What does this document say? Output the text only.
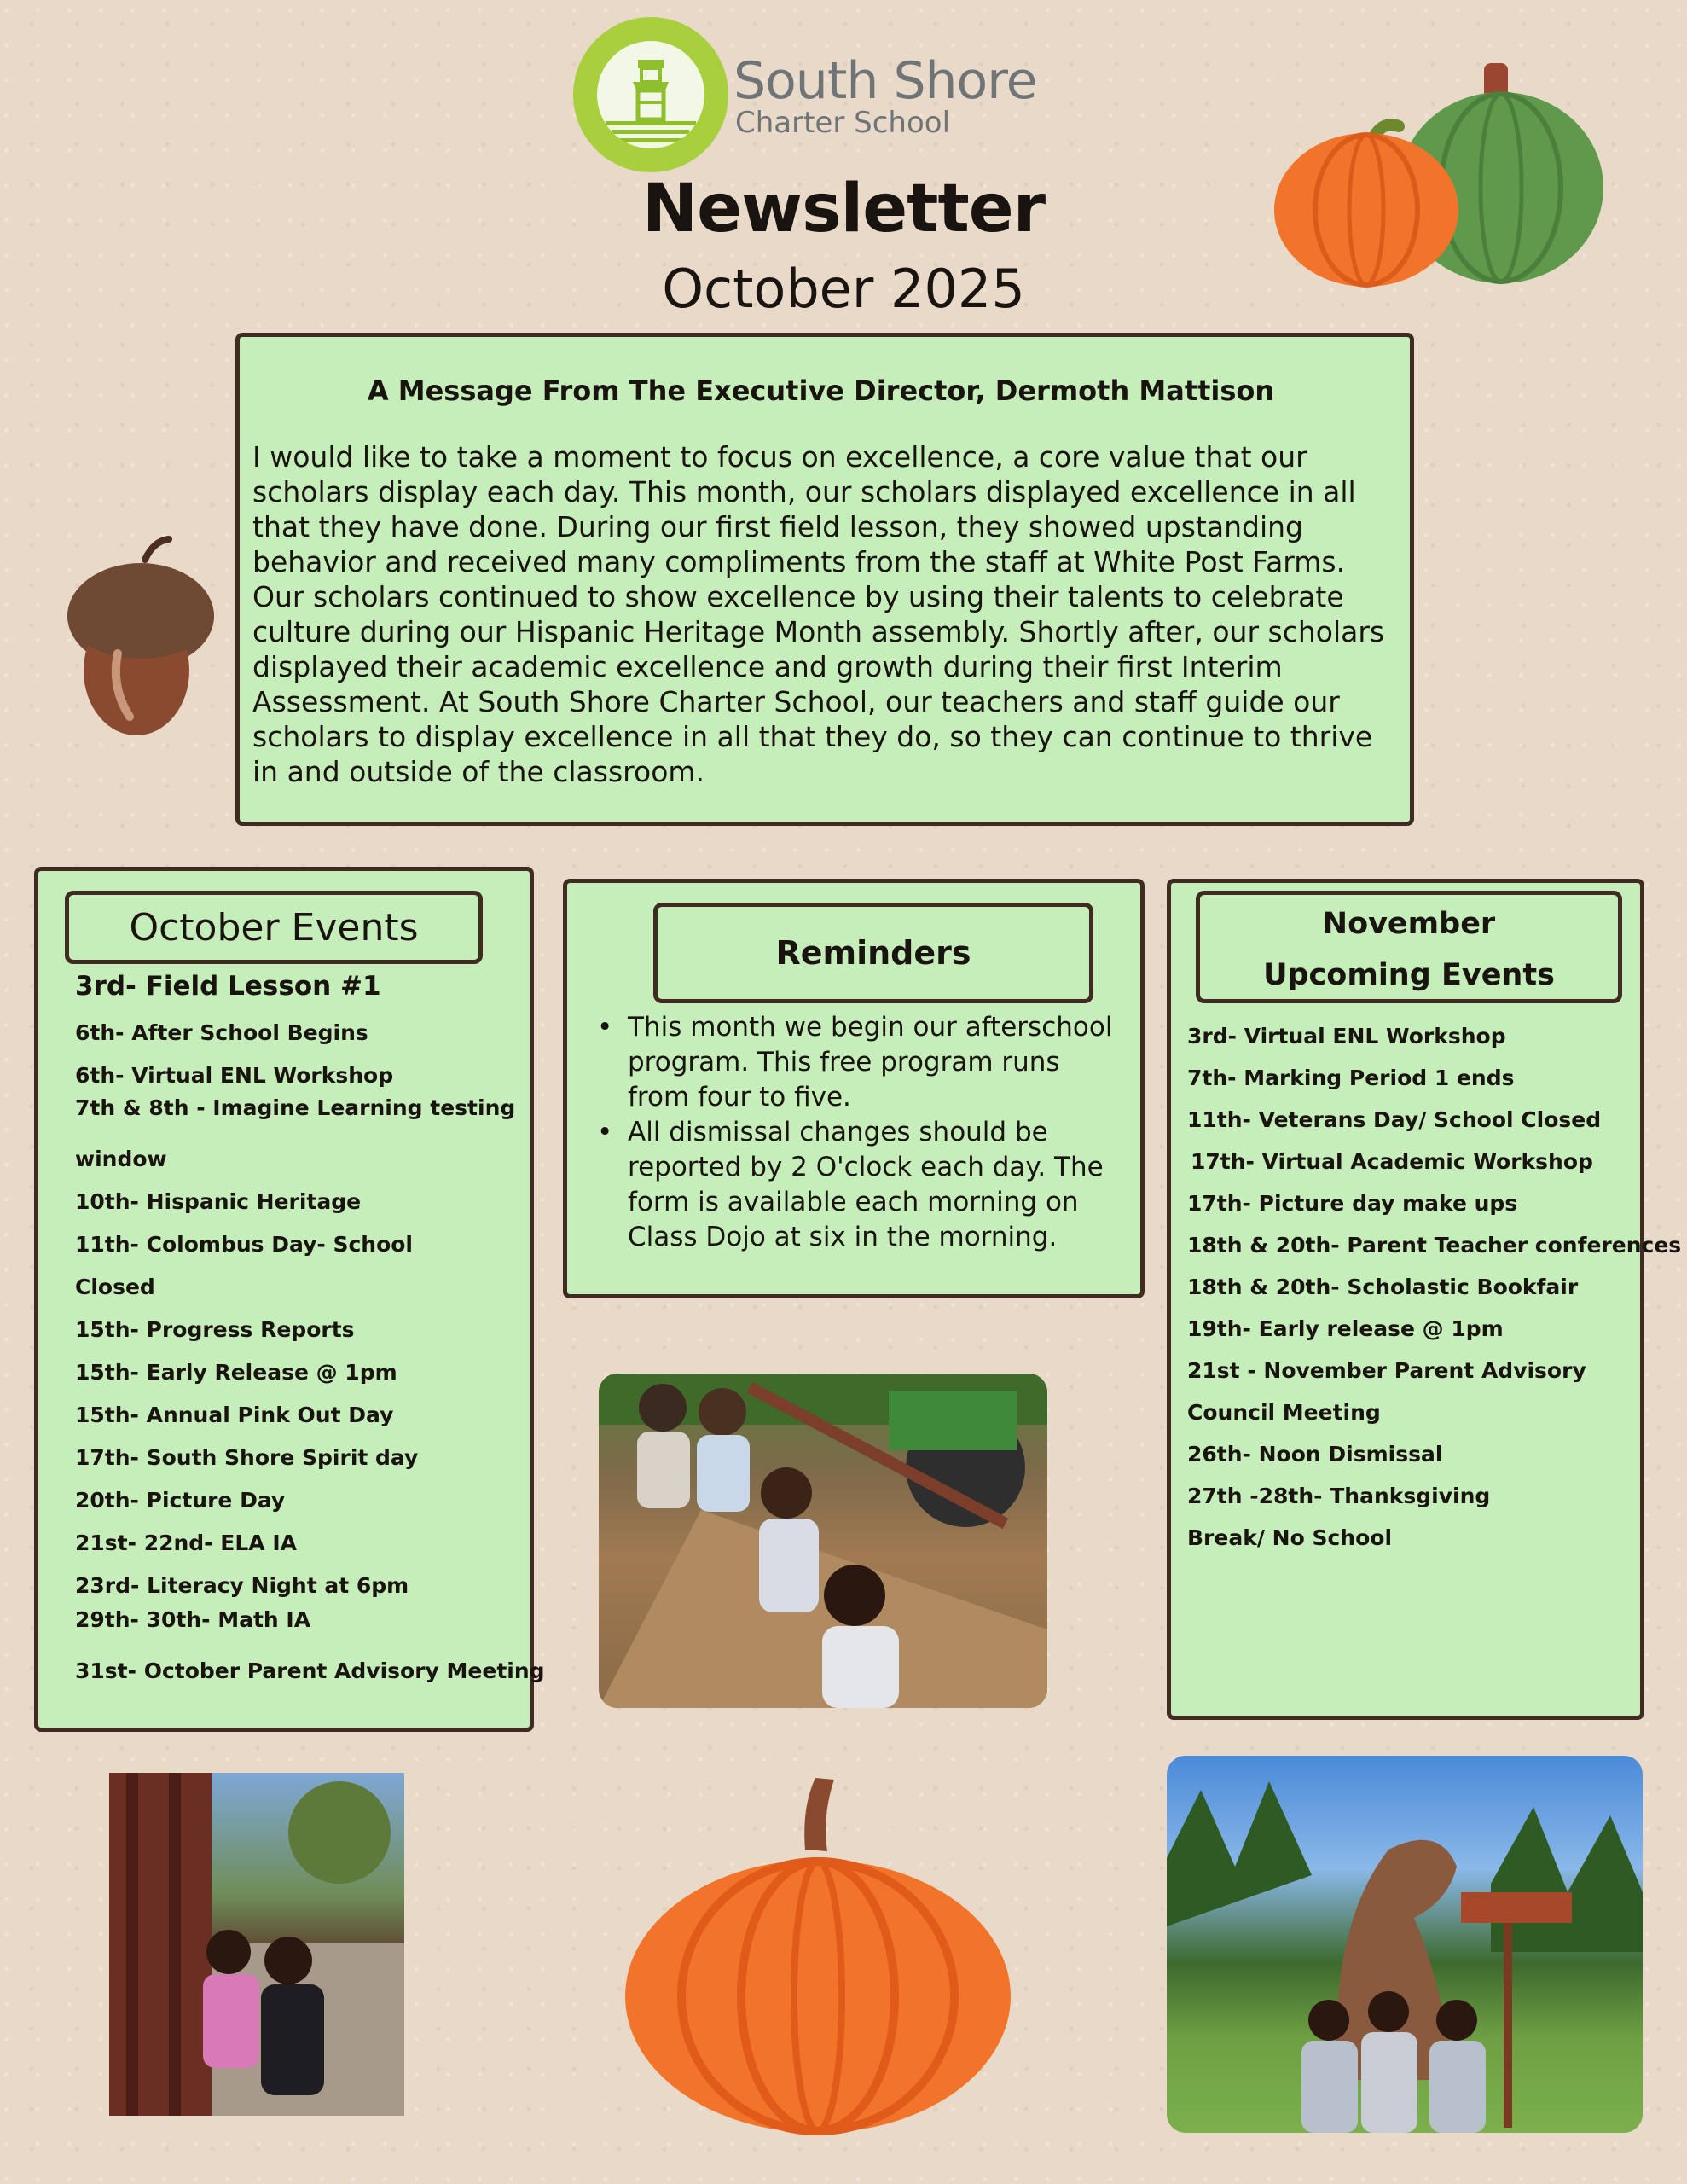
South Shore
Charter School
Newsletter
October 2025
A Message From The Executive Director, Dermoth Mattison

I would like to take a moment to focus on excellence, a core value that our scholars display each day. This month, our scholars displayed excellence in all that they have done. During our first field lesson, they showed upstanding behavior and received many compliments from the staff at White Post Farms. Our scholars continued to show excellence by using their talents to celebrate culture during our Hispanic Heritage Month assembly. Shortly after, our scholars displayed their academic excellence and growth during their first Interim Assessment. At South Shore Charter School, our teachers and staff guide our scholars to display excellence in all that they do, so they can continue to thrive in and outside of the classroom.

October Events
3rd- Field Lesson #1
6th- After School Begins
6th- Virtual ENL Workshop
7th & 8th - Imagine Learning testing
window
10th- Hispanic Heritage
11th- Colombus Day- School
Closed
15th- Progress Reports
15th- Early Release @ 1pm
15th- Annual Pink Out Day
17th- South Shore Spirit day
20th- Picture Day
21st- 22nd- ELA IA
23rd- Literacy Night at 6pm
29th- 30th- Math IA
31st- October Parent Advisory Meeting
Reminders
• This month we begin our afterschool program. This free program runs from four to five.
• All dismissal changes should be reported by 2 O'clock each day. The form is available each morning on Class Dojo at six in the morning.
November
Upcoming Events
3rd- Virtual ENL Workshop
7th- Marking Period 1 ends
11th- Veterans Day/ School Closed
17th- Virtual Academic Workshop
17th- Picture day make ups
18th & 20th- Parent Teacher conferences
18th & 20th- Scholastic Bookfair
19th- Early release @ 1pm
21st - November Parent Advisory
Council Meeting
26th- Noon Dismissal
27th -28th- Thanksgiving
Break/ No School
